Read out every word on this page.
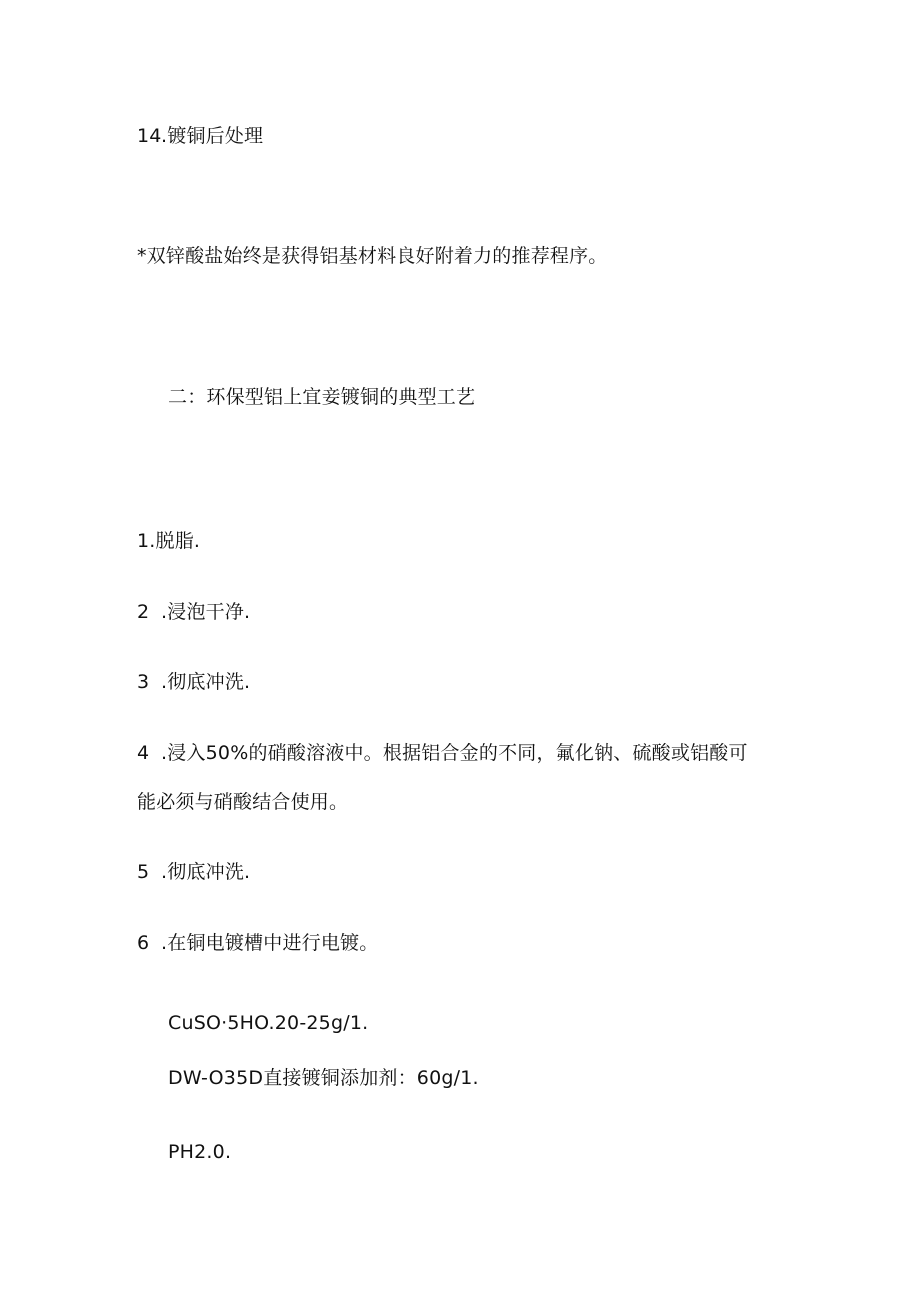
14.镀铜后处理
*双锌酸盐始终是获得铝基材料良好附着力的推荐程序。
二：环保型铝上宜妾镀铜的典型工艺
1.脱脂.
2 .浸泡干净.
3 .彻底冲洗.
4 .浸入50%的硝酸溶液中。根据铝合金的不同，氟化钠、硫酸或铝酸可
能必须与硝酸结合使用。
5 .彻底冲洗.
6 .在铜电镀槽中进行电镀。
CuSO·5HO.20-25g∕1.
DW-O35D直接镀铜添加剂：60g∕1.
PH2.0.
